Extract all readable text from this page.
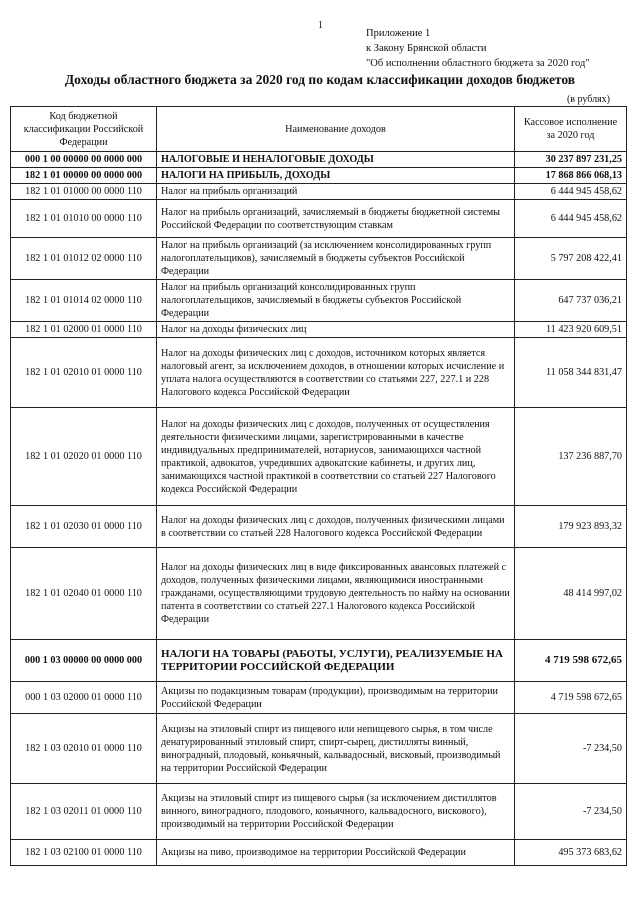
1
Приложение 1
к Закону Брянской области
"Об исполнении областного бюджета за 2020 год"
Доходы областного бюджета за 2020 год по кодам классификации доходов бюджетов
(в рублях)
Код бюджетной классификации Российской Федерации	Наименование доходов	Кассовое исполнение за 2020 год
000 1 00 00000 00 0000 000	НАЛОГОВЫЕ И НЕНАЛОГОВЫЕ ДОХОДЫ	30 237 897 231,25
182 1 01 00000 00 0000 000	НАЛОГИ НА ПРИБЫЛЬ, ДОХОДЫ	17 868 866 068,13
182 1 01 01000 00 0000 110	Налог на прибыль организаций	6 444 945 458,62
182 1 01 01010 00 0000 110	Налог на прибыль организаций, зачисляемый в бюджеты бюджетной системы Российской Федерации по соответствующим ставкам	6 444 945 458,62
182 1 01 01012 02 0000 110	Налог на прибыль организаций (за исключением консолидированных групп налогоплательщиков), зачисляемый в бюджеты субъектов Российской Федерации	5 797 208 422,41
182 1 01 01014 02 0000 110	Налог на прибыль организаций консолидированных групп налогоплательщиков, зачисляемый в бюджеты субъектов Российской Федерации	647 737 036,21
182 1 01 02000 01 0000 110	Налог на доходы физических лиц	11 423 920 609,51
182 1 01 02010 01 0000 110	Налог на доходы физических лиц с доходов, источником которых является налоговый агент, за исключением доходов, в отношении которых исчисление и уплата налога осуществляются в соответствии со статьями 227, 227.1 и 228 Налогового кодекса Российской Федерации	11 058 344 831,47
182 1 01 02020 01 0000 110	Налог на доходы физических лиц с доходов, полученных от осуществления деятельности физическими лицами, зарегистрированными в качестве индивидуальных предпринимателей, нотариусов, занимающихся частной практикой, адвокатов, учредивших адвокатские кабинеты, и других лиц, занимающихся частной практикой в соответствии со статьей 227 Налогового кодекса Российской Федерации	137 236 887,70
182 1 01 02030 01 0000 110	Налог на доходы физических лиц с доходов, полученных физическими лицами в соответствии со статьей 228 Налогового кодекса Российской Федерации	179 923 893,32
182 1 01 02040 01 0000 110	Налог на доходы физических лиц в виде фиксированных авансовых платежей с доходов, полученных физическими лицами, являющимися иностранными гражданами, осуществляющими трудовую деятельность по найму на основании патента в соответствии со статьей 227.1 Налогового кодекса Российской Федерации	48 414 997,02
000 1 03 00000 00 0000 000	НАЛОГИ НА ТОВАРЫ (РАБОТЫ, УСЛУГИ), РЕАЛИЗУЕМЫЕ НА ТЕРРИТОРИИ РОССИЙСКОЙ ФЕДЕРАЦИИ	4 719 598 672,65
000 1 03 02000 01 0000 110	Акцизы по подакцизным товарам (продукции), производимым на территории Российской Федерации	4 719 598 672,65
182 1 03 02010 01 0000 110	Акцизы на этиловый спирт из пищевого или непищевого сырья, в том числе денатурированный этиловый спирт, спирт-сырец, дистилляты винный, виноградный, плодовый, коньячный, кальвадосный, висковый, производимый на территории Российской Федерации	-7 234,50
182 1 03 02011 01 0000 110	Акцизы на этиловый спирт из пищевого сырья (за исключением дистиллятов винного, виноградного, плодового, коньячного, кальвадосного, вискового), производимый на территории Российской Федерации	-7 234,50
182 1 03 02100 01 0000 110	Акцизы на пиво, производимое на территории Российской Федерации	495 373 683,62
